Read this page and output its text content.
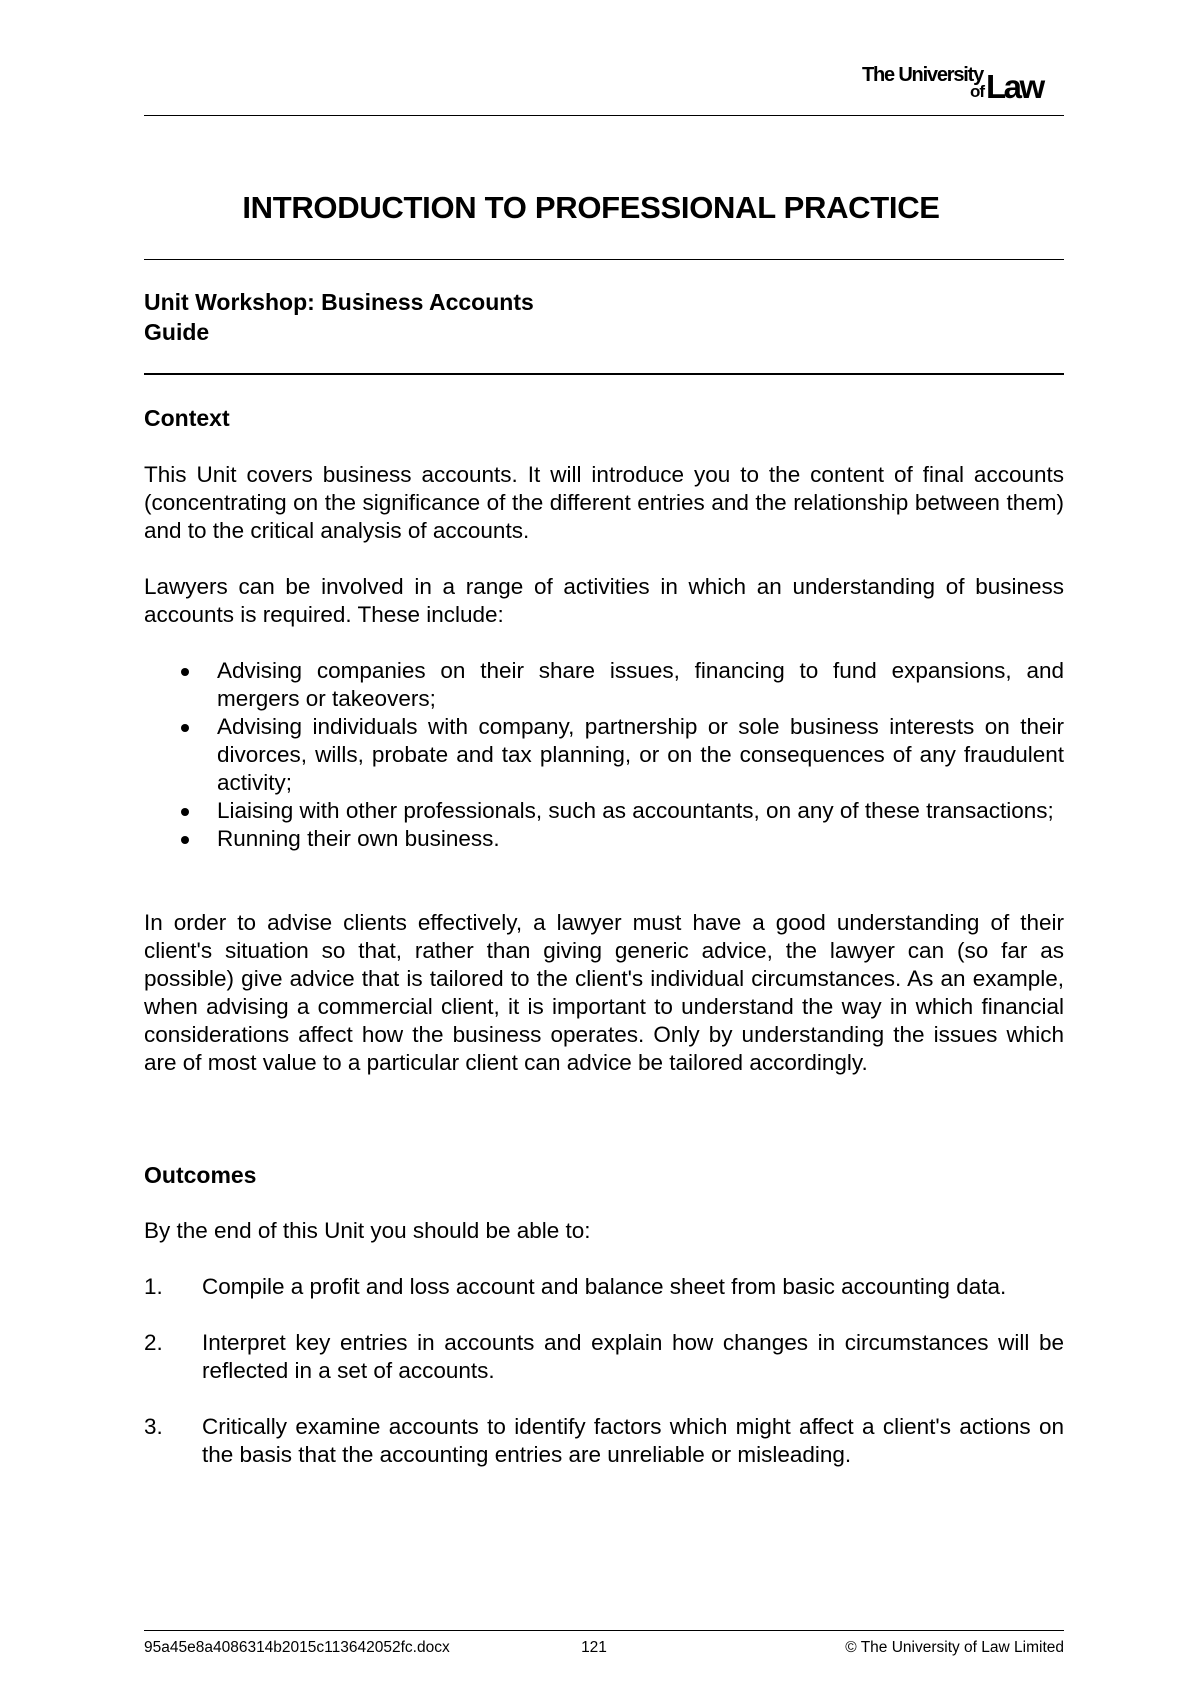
The University
of Law
INTRODUCTION TO PROFESSIONAL PRACTICE
Unit Workshop: Business Accounts
Guide
Context

This Unit covers business accounts. It will introduce you to the content of final accounts (concentrating on the significance of the different entries and the relationship between them) and to the critical analysis of accounts.

Lawyers can be involved in a range of activities in which an understanding of business accounts is required. These include:

Advising companies on their share issues, financing to fund expansions, and mergers or takeovers;
Advising individuals with company, partnership or sole business interests on their divorces, wills, probate and tax planning, or on the consequences of any fraudulent activity;
Liaising with other professionals, such as accountants, on any of these transactions;
Running their own business.

In order to advise clients effectively, a lawyer must have a good understanding of their client's situation so that, rather than giving generic advice, the lawyer can (so far as possible) give advice that is tailored to the client's individual circumstances. As an example, when advising a commercial client, it is important to understand the way in which financial considerations affect how the business operates. Only by understanding the issues which are of most value to a particular client can advice be tailored accordingly.

Outcomes

By the end of this Unit you should be able to:

1. Compile a profit and loss account and balance sheet from basic accounting data.
2. Interpret key entries in accounts and explain how changes in circumstances will be reflected in a set of accounts.
3. Critically examine accounts to identify factors which might affect a client's actions on the basis that the accounting entries are unreliable or misleading.
95a45e8a4086314b2015c113642052fc.docx	121	© The University of Law Limited
